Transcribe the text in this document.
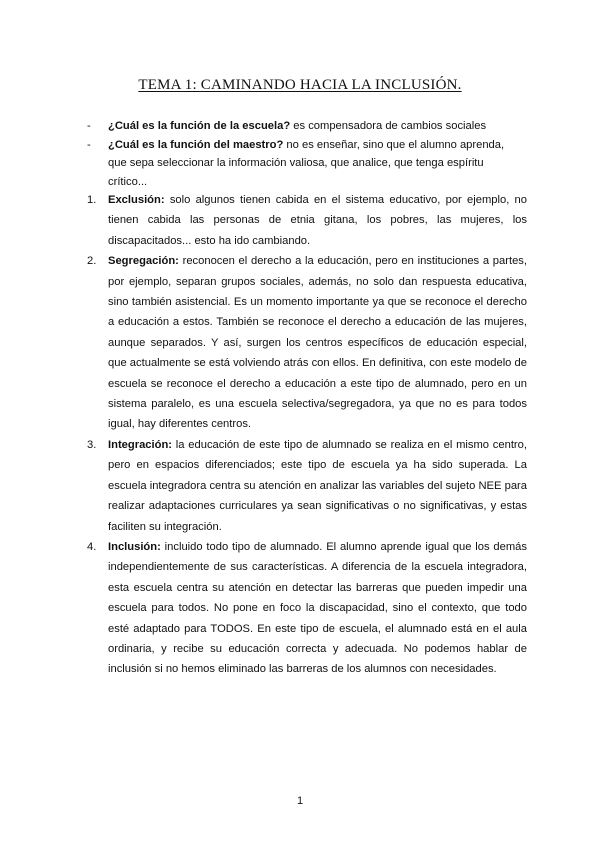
TEMA 1: CAMINANDO HACIA LA INCLUSIÓN.

-	¿Cuál es la función de la escuela? es compensadora de cambios sociales

-	¿Cuál es la función del maestro? no es enseñar, sino que el alumno aprenda, que sepa seleccionar la información valiosa, que analice, que tenga espíritu crítico...

1.	Exclusión: solo algunos tienen cabida en el sistema educativo, por ejemplo, no tienen cabida las personas de etnia gitana, los pobres, las mujeres, los discapacitados... esto ha ido cambiando.

2.	Segregación: reconocen el derecho a la educación, pero en instituciones a partes, por ejemplo, separan grupos sociales, además, no solo dan respuesta educativa, sino también asistencial. Es un momento importante ya que se reconoce el derecho a educación a estos. También se reconoce el derecho a educación de las mujeres, aunque separados. Y así, surgen los centros específicos de educación especial, que actualmente se está volviendo atrás con ellos. En definitiva, con este modelo de escuela se reconoce el derecho a educación a este tipo de alumnado, pero en un sistema paralelo, es una escuela selectiva/segregadora, ya que no es para todos igual, hay diferentes centros.

3.	Integración: la educación de este tipo de alumnado se realiza en el mismo centro, pero en espacios diferenciados; este tipo de escuela ya ha sido superada. La escuela integradora centra su atención en analizar las variables del sujeto NEE para realizar adaptaciones curriculares ya sean significativas o no significativas, y estas faciliten su integración.

4.	Inclusión: incluido todo tipo de alumnado. El alumno aprende igual que los demás independientemente de sus características. A diferencia de la escuela integradora, esta escuela centra su atención en detectar las barreras que pueden impedir una escuela para todos. No pone en foco la discapacidad, sino el contexto, que todo esté adaptado para TODOS. En este tipo de escuela, el alumnado está en el aula ordinaria, y recibe su educación correcta y adecuada. No podemos hablar de inclusión si no hemos eliminado las barreras de los alumnos con necesidades.

1
